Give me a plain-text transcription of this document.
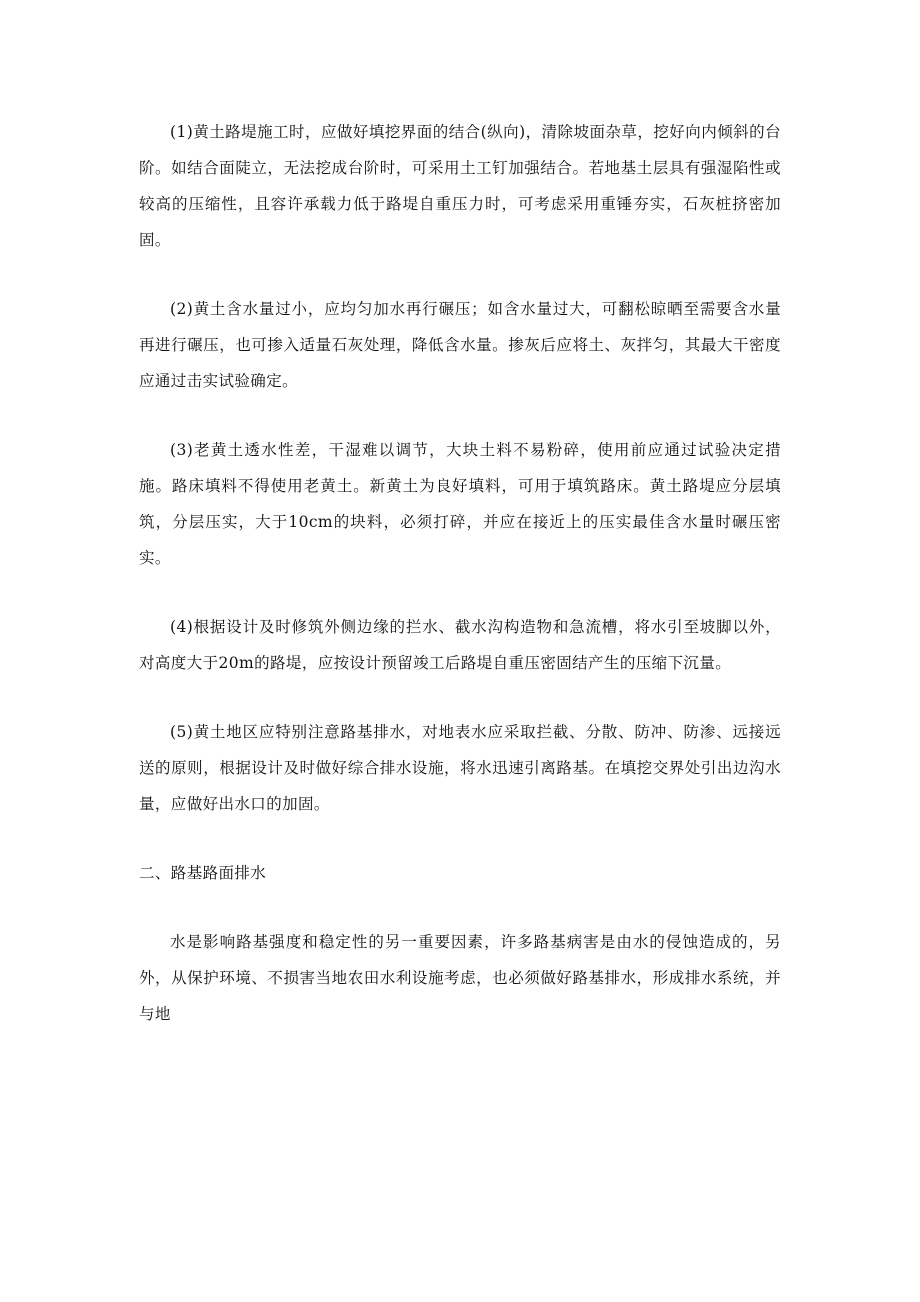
(1)黄土路堤施工时，应做好填挖界面的结合(纵向)，清除坡面杂草，挖好向内倾斜的台阶。如结合面陡立，无法挖成台阶时，可采用土工钉加强结合。若地基土层具有强湿陷性或较高的压缩性，且容许承载力低于路堤自重压力时，可考虑采用重锤夯实，石灰桩挤密加固。

(2)黄土含水量过小，应均匀加水再行碾压；如含水量过大，可翻松晾晒至需要含水量再进行碾压，也可掺入适量石灰处理，降低含水量。掺灰后应将土、灰拌匀，其最大干密度应通过击实试验确定。

(3)老黄土透水性差，干湿难以调节，大块土料不易粉碎，使用前应通过试验决定措施。路床填料不得使用老黄土。新黄土为良好填料，可用于填筑路床。黄土路堤应分层填筑，分层压实，大于10cm的块料，必须打碎，并应在接近上的压实最佳含水量时碾压密实。

(4)根据设计及时修筑外侧边缘的拦水、截水沟构造物和急流槽，将水引至坡脚以外，对高度大于20m的路堤，应按设计预留竣工后路堤自重压密固结产生的压缩下沉量。

(5)黄土地区应特别注意路基排水，对地表水应采取拦截、分散、防冲、防渗、远接远送的原则，根据设计及时做好综合排水设施，将水迅速引离路基。在填挖交界处引出边沟水量，应做好出水口的加固。

二、路基路面排水

水是影响路基强度和稳定性的另一重要因素，许多路基病害是由水的侵蚀造成的，另外，从保护环境、不损害当地农田水利设施考虑，也必须做好路基排水，形成排水系统，并与地
